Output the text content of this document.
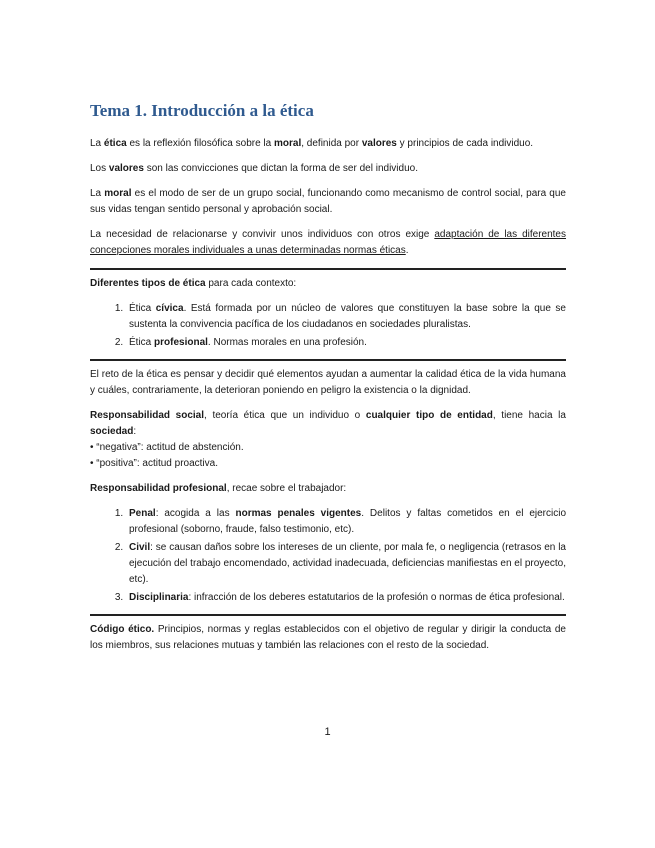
Tema 1. Introducción a la ética

La ética es la reflexión filosófica sobre la moral, definida por valores y principios de cada individuo.

Los valores son las convicciones que dictan la forma de ser del individuo.

La moral es el modo de ser de un grupo social, funcionando como mecanismo de control social, para que sus vidas tengan sentido personal y aprobación social.

La necesidad de relacionarse y convivir unos individuos con otros exige adaptación de las diferentes concepciones morales individuales a unas determinadas normas éticas.

Diferentes tipos de ética para cada contexto:

1. Ética cívica. Está formada por un núcleo de valores que constituyen la base sobre la que se sustenta la convivencia pacífica de los ciudadanos en sociedades pluralistas.
2. Ética profesional. Normas morales en una profesión.

El reto de la ética es pensar y decidir qué elementos ayudan a aumentar la calidad ética de la vida humana y cuáles, contrariamente, la deterioran poniendo en peligro la existencia o la dignidad.

Responsabilidad social, teoría ética que un individuo o cualquier tipo de entidad, tiene hacia la sociedad:

• “negativa”: actitud de abstención.
• “positiva”: actitud proactiva.

Responsabilidad profesional, recae sobre el trabajador:

1. Penal: acogida a las normas penales vigentes. Delitos y faltas cometidos en el ejercicio profesional (soborno, fraude, falso testimonio, etc).
2. Civil: se causan daños sobre los intereses de un cliente, por mala fe, o negligencia (retrasos en la ejecución del trabajo encomendado, actividad inadecuada, deficiencias manifiestas en el proyecto, etc).
3. Disciplinaria: infracción de los deberes estatutarios de la profesión o normas de ética profesional.

Código ético. Principios, normas y reglas establecidos con el objetivo de regular y dirigir la conducta de los miembros, sus relaciones mutuas y también las relaciones con el resto de la sociedad.

1
